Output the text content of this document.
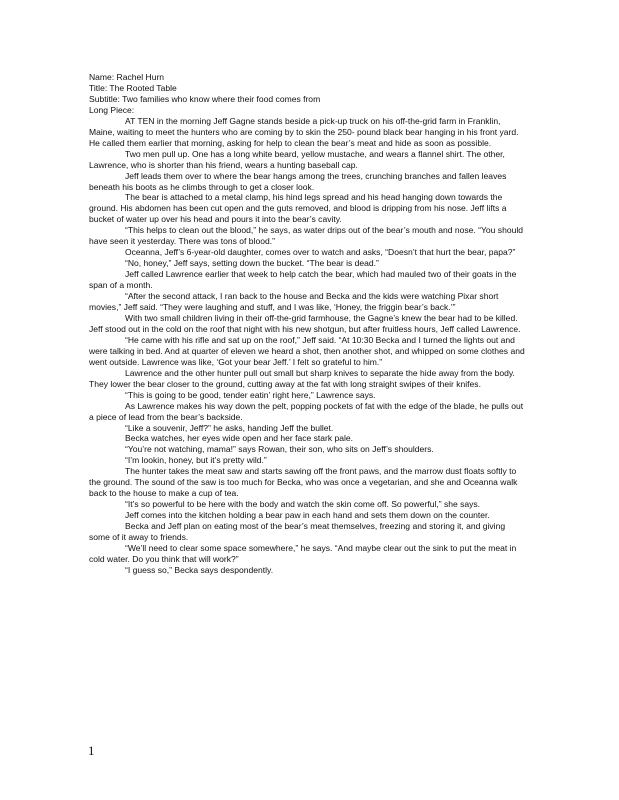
Name: Rachel Hurn

Title: The Rooted Table

Subtitle: Two families who know where their food comes from

Long Piece:

AT TEN in the morning Jeff Gagne stands beside a pick-up truck on his off-the-grid farm in Franklin, Maine, waiting to meet the hunters who are coming by to skin the 250- pound black bear hanging in his front yard. He called them earlier that morning, asking for help to clean the bear’s meat and hide as soon as possible.

Two men pull up. One has a long white beard, yellow mustache, and wears a flannel shirt. The other, Lawrence, who is shorter than his friend, wears a hunting baseball cap.

Jeff leads them over to where the bear hangs among the trees, crunching branches and fallen leaves beneath his boots as he climbs through to get a closer look.

The bear is attached to a metal clamp, his hind legs spread and his head hanging down towards the ground. His abdomen has been cut open and the guts removed, and blood is dripping from his nose. Jeff lifts a bucket of water up over his head and pours it into the bear’s cavity.

“This helps to clean out the blood,” he says, as water drips out of the bear’s mouth and nose. “You should have seen it yesterday. There was tons of blood.”

Oceanna, Jeff’s 6-year-old daughter, comes over to watch and asks, “Doesn’t that hurt the bear, papa?”

“No, honey,” Jeff says, setting down the bucket. “The bear is dead.”

Jeff called Lawrence earlier that week to help catch the bear, which had mauled two of their goats in the span of a month.

“After the second attack, I ran back to the house and Becka and the kids were watching Pixar short movies,” Jeff said. “They were laughing and stuff, and I was like, ‘Honey, the friggin bear’s back.’”

With two small children living in their off-the-grid farmhouse, the Gagne’s knew the bear had to be killed. Jeff stood out in the cold on the roof that night with his new shotgun, but after fruitless hours, Jeff called Lawrence.

“He came with his rifle and sat up on the roof,” Jeff said. “At 10:30 Becka and I turned the lights out and were talking in bed. And at quarter of eleven we heard a shot, then another shot, and whipped on some clothes and went outside. Lawrence was like, ‘Got your bear Jeff.’ I felt so grateful to him.”

Lawrence and the other hunter pull out small but sharp knives to separate the hide away from the body. They lower the bear closer to the ground, cutting away at the fat with long straight swipes of their knifes.

“This is going to be good, tender eatin’ right here,” Lawrence says.

As Lawrence makes his way down the pelt, popping pockets of fat with the edge of the blade, he pulls out a piece of lead from the bear’s backside.

“Like a souvenir, Jeff?” he asks, handing Jeff the bullet.

Becka watches, her eyes wide open and her face stark pale.

“You’re not watching, mama!” says Rowan, their son, who sits on Jeff’s shoulders.

“I’m lookin, honey, but it’s pretty wild.”

The hunter takes the meat saw and starts sawing off the front paws, and the marrow dust floats softly to the ground. The sound of the saw is too much for Becka, who was once a vegetarian, and she and Oceanna walk back to the house to make a cup of tea.

“It’s so powerful to be here with the body and watch the skin come off. So powerful,” she says.

Jeff comes into the kitchen holding a bear paw in each hand and sets them down on the counter.

Becka and Jeff plan on eating most of the bear’s meat themselves, freezing and storing it, and giving some of it away to friends.

“We’ll need to clear some space somewhere,” he says. “And maybe clear out the sink to put the meat in cold water. Do you think that will work?”

“I guess so,” Becka says despondently.

1
